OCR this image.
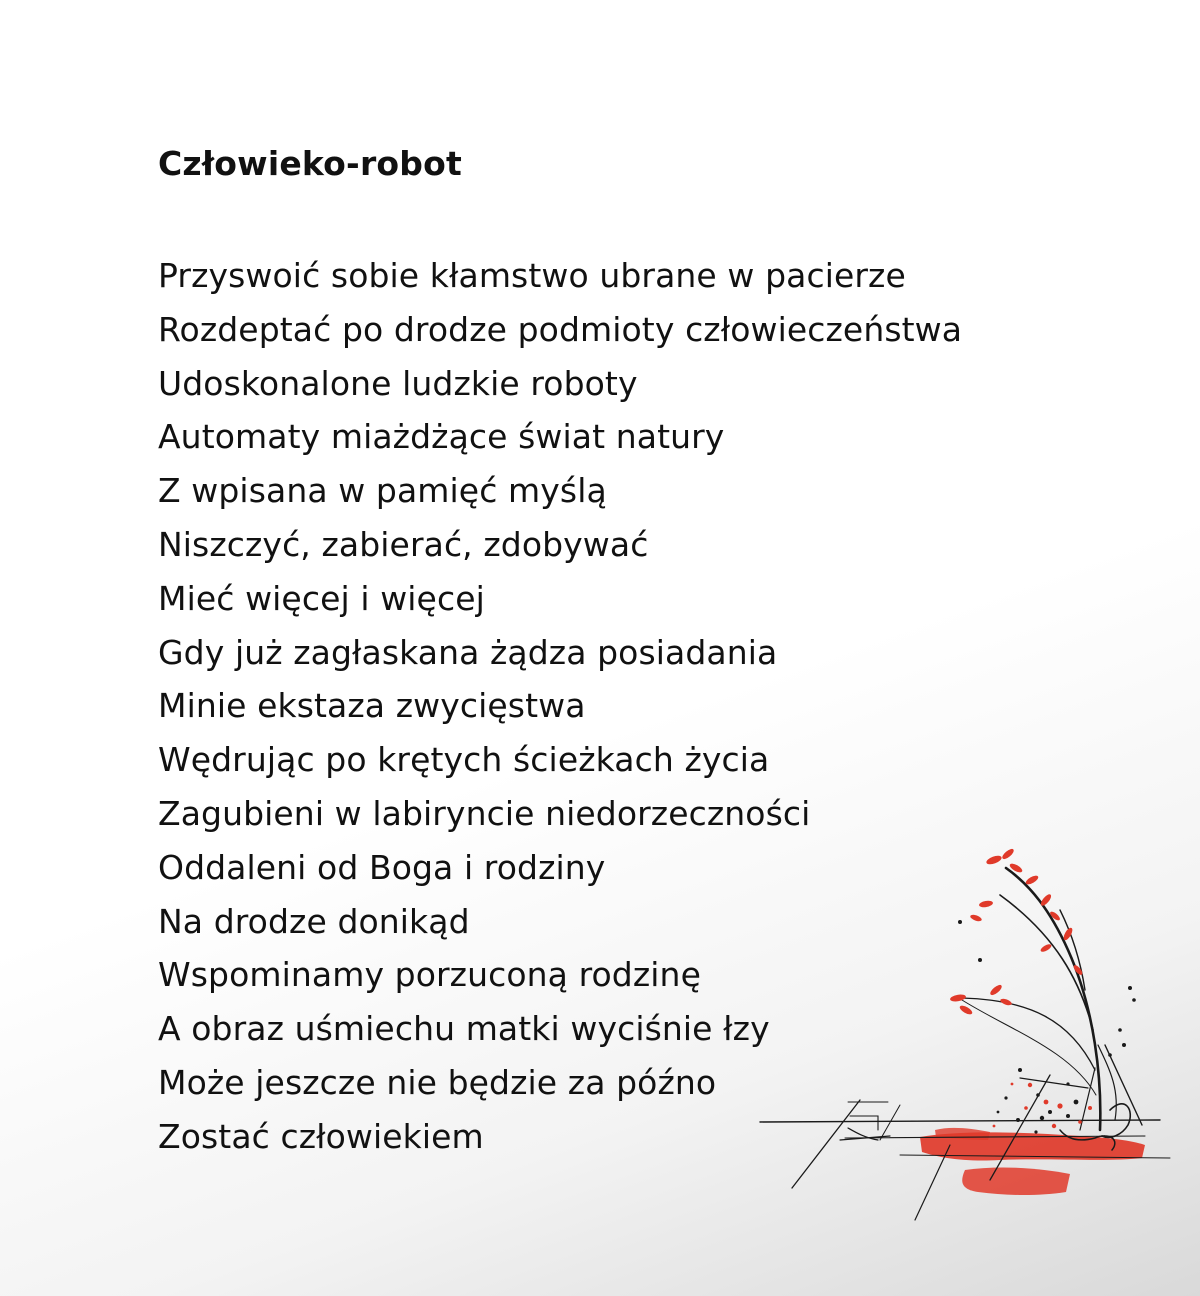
Człowieko-robot
Przyswoić sobie kłamstwo ubrane w pacierze
Rozdeptać po drodze podmioty człowieczeństwa
Udoskonalone ludzkie roboty
Automaty miażdżące świat natury
Z wpisana w pamięć myślą
Niszczyć, zabierać, zdobywać
Mieć więcej i więcej
Gdy już zagłaskana żądza posiadania
Minie ekstaza zwycięstwa
Wędrując po krętych ścieżkach życia
Zagubieni w labiryncie niedorzeczności
Oddaleni od Boga i rodziny
Na drodze donikąd
Wspominamy porzuconą rodzinę
A obraz uśmiechu matki wyciśnie łzy
Może jeszcze nie będzie za późno
Zostać człowiekiem
